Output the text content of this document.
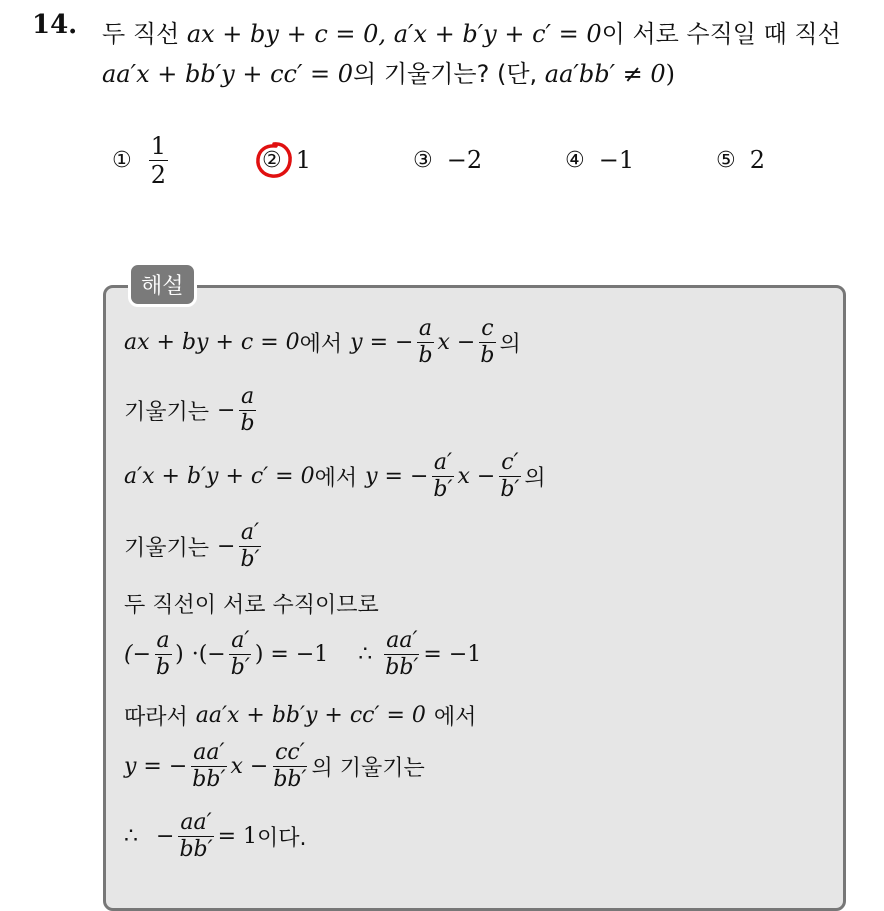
14. 두 직선 ax + by + c = 0, a′x + b′y + c′ = 0이 서로 수직일 때 직선
aa′x + bb′y + cc′ = 0의 기울기는? (단, aa′bb′ ≠ 0)
① $\frac{1}{2}$	② 1	③ −2	④ −1	⑤ 2
해설
ax + by + c = 0 에서 y = − $\frac{a}{b}$ $x - \frac{c}{b}$ 의
기울기는 − $\frac{a}{b}$
a′x + b′y + c′ = 0 에서 y = − $\frac{a'}{b'}$ $x - \frac{c'}{b'}$ 의
기울기는 − $\frac{a'}{b'}$
두 직선이 서로 수직이므로
(− $\frac{a}{b}$ ) ·(− $\frac{a'}{b'}$ ) = −1 ∴ $\frac{aa'}{bb'} = -1$
따라서 aa′x + bb′y + cc′ = 0 에서
y = − $\frac{aa'}{bb'}$ $x - \frac{cc'}{bb'}$ 의 기울기는
∴ − $\frac{aa'}{bb'} = 1$ 이다.
